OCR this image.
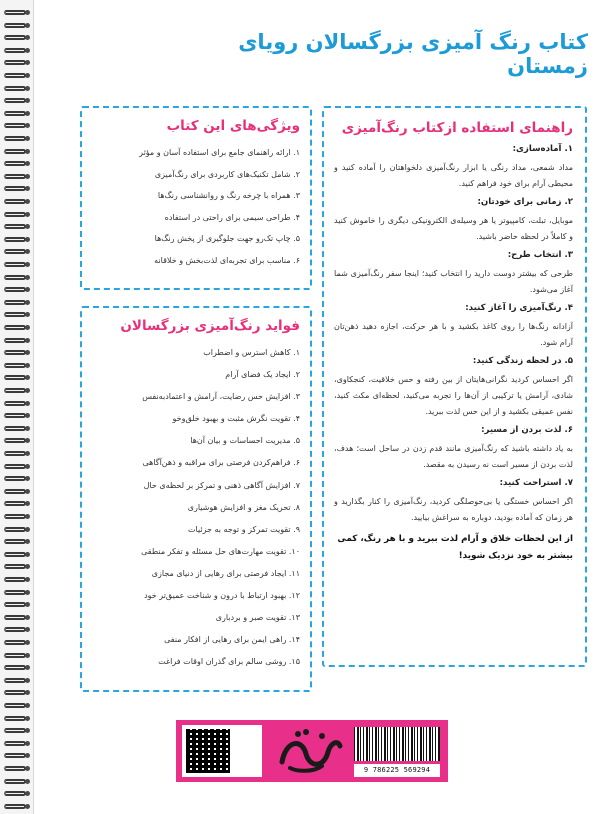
کتاب رنگ آمیزی بزرگسالان رویای زمستان
راهنمای استفاده ازکتاب رنگ‌آمیزی
۱. آماده‌سازی:
مداد شمعی، مداد رنگی یا ابزار رنگ‌آمیزی دلخواهتان را آماده کنید و محیطی آرام برای خود فراهم کنید.
۲. زمانی برای خودتان:
موبایل، تبلت، کامپیوتر یا هر وسیله‌ی الکترونیکی دیگری را خاموش کنید و کاملاً در لحظه حاضر باشید.
۳. انتخاب طرح:
طرحی که بیشتر دوست دارید را انتخاب کنید؛ اینجا سفر رنگ‌آمیزی شما آغاز می‌شود.
۴. رنگ‌آمیزی را آغاز کنید:
آزادانه رنگ‌ها را روی کاغذ بکشید و با هر حرکت، اجازه دهید ذهن‌تان آرام شود.
۵. در لحظه زندگی کنید:
اگر احساس کردید نگرانی‌هایتان از بین رفته و حس خلاقیت، کنجکاوی، شادی، آرامش یا ترکیبی از آن‌ها را تجربه می‌کنید، لحظه‌ای مکث کنید، نفس عمیقی بکشید و از این حس لذت ببرید.
۶. لذت بردن از مسیر:
به یاد داشته باشید که رنگ‌آمیزی مانند قدم زدن در ساحل است؛ هدف، لذت بردن از مسیر است نه رسیدن به مقصد.
۷. استراحت کنید:
اگر احساس خستگی یا بی‌حوصلگی کردید، رنگ‌آمیزی را کنار بگذارید و هر زمان که آماده بودید، دوباره به سراغش بیایید.
از این لحظات خلاق و آرام لذت ببرید و با هر رنگ، کمی بیشتر به خود نزدیک شوید!
ویژگی‌های این کتاب
۱. ارائه راهنمای جامع برای استفاده آسان و مؤثر
۲. شامل تکنیک‌های کاربردی برای رنگ‌آمیزی
۳. همراه با چرخه رنگ و روانشناسی رنگ‌ها
۴. طراحی سیمی برای راحتی در استفاده
۵. چاپ تک‌رو جهت جلوگیری از پخش رنگ‌ها
۶. مناسب برای تجربه‌ای لذت‌بخش و خلاقانه
فواید رنگ‌آمیزی بزرگسالان
۱. کاهش استرس و اضطراب
۲. ایجاد یک فضای آرام
۳. افزایش حس رضایت، آرامش و اعتماد‌به‌نفس
۴. تقویت نگرش مثبت و بهبود خلق‌و‌خو
۵. مدیریت احساسات و بیان آن‌ها
۶. فراهم‌کردن فرصتی برای مراقبه و ذهن‌آگاهی
۷. افزایش آگاهی ذهنی و تمرکز بر لحظه‌ی حال
۸. تحریک مغز و افزایش هوشیاری
۹. تقویت تمرکز و توجه به جزئیات
۱۰. تقویت مهارت‌های حل مسئله و تفکر منطقی
۱۱. ایجاد فرصتی برای رهایی از دنیای مجازی
۱۲. بهبود ارتباط با درون و شناخت عمیق‌تر خود
۱۳. تقویت صبر و بردباری
۱۴. راهی ایمن برای رهایی از افکار منفی
۱۵. روشی سالم برای گذران اوقات فراغت
9 786225 569294
